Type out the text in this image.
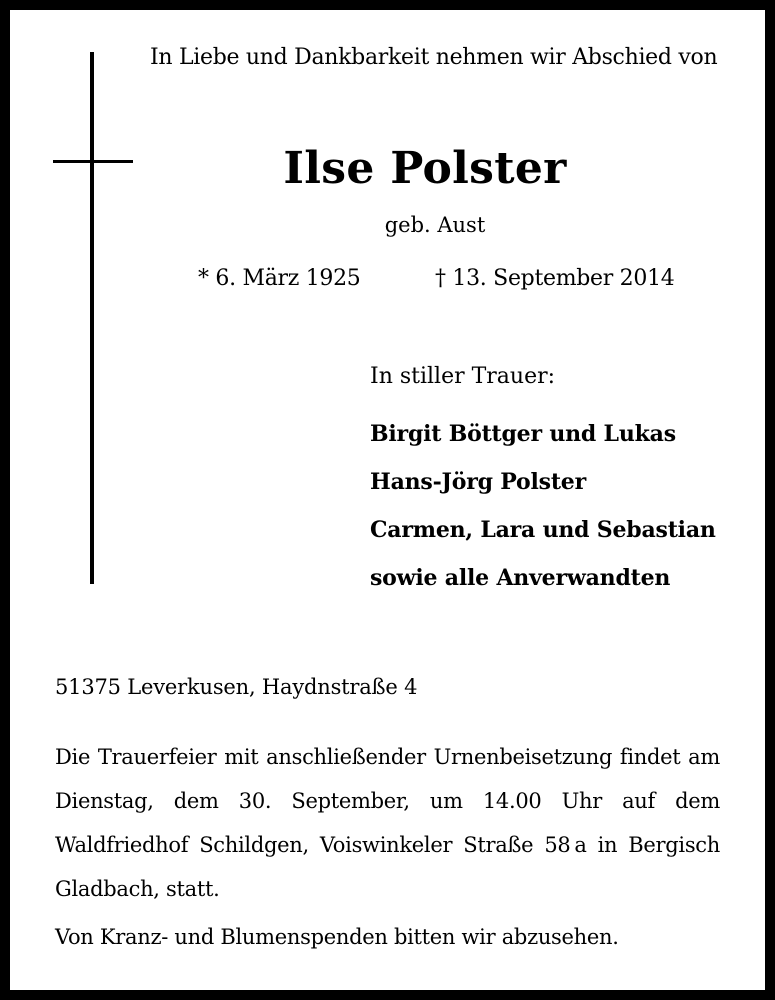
In Liebe und Dankbarkeit nehmen wir Abschied von
Ilse Polster
geb. Aust
* 6. März 1925	† 13. September 2014
In stiller Trauer:
Birgit Böttger und Lukas
Hans-Jörg Polster
Carmen, Lara und Sebastian
sowie alle Anverwandten
51375 Leverkusen, Haydnstraße 4

Die Trauerfeier mit anschließender Urnenbeisetzung findet am Dienstag, dem 30. September, um 14.00 Uhr auf dem Waldfriedhof Schildgen, Voiswinkeler Straße 58 a in Bergisch Gladbach, statt.

Von Kranz- und Blumenspenden bitten wir abzusehen.
